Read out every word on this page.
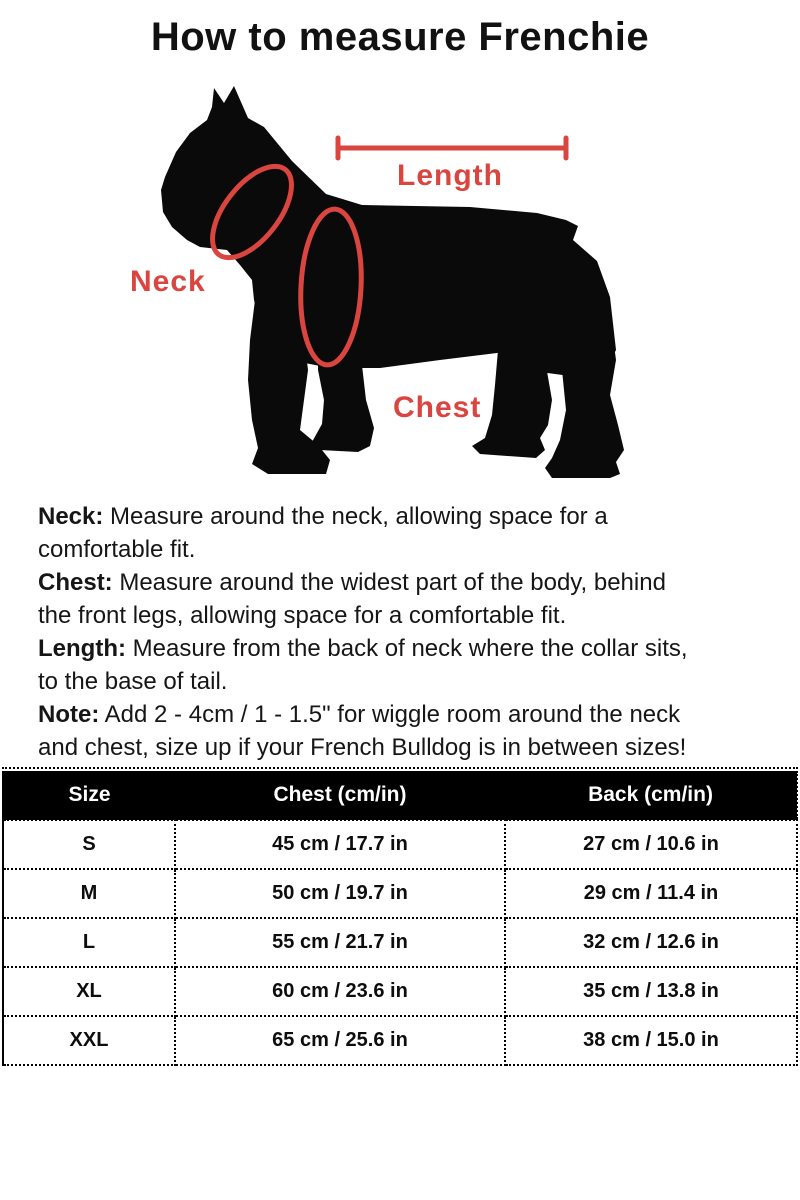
How to measure Frenchie
Length
Neck
Chest
Neck: Measure around the neck, allowing space for a
comfortable fit.
Chest: Measure around the widest part of the body, behind
the front legs, allowing space for a comfortable fit.
Length: Measure from the back of neck where the collar sits,
to the base of tail.
Note: Add 2 - 4cm / 1 - 1.5" for wiggle room around the neck
and chest, size up if your French Bulldog is in between sizes!
Size	Chest (cm/in)	Back (cm/in)
S	45 cm / 17.7 in	27 cm / 10.6 in
M	50 cm / 19.7 in	29 cm / 11.4 in
L	55 cm / 21.7 in	32 cm / 12.6 in
XL	60 cm / 23.6 in	35 cm / 13.8 in
XXL	65 cm / 25.6 in	38 cm / 15.0 in
